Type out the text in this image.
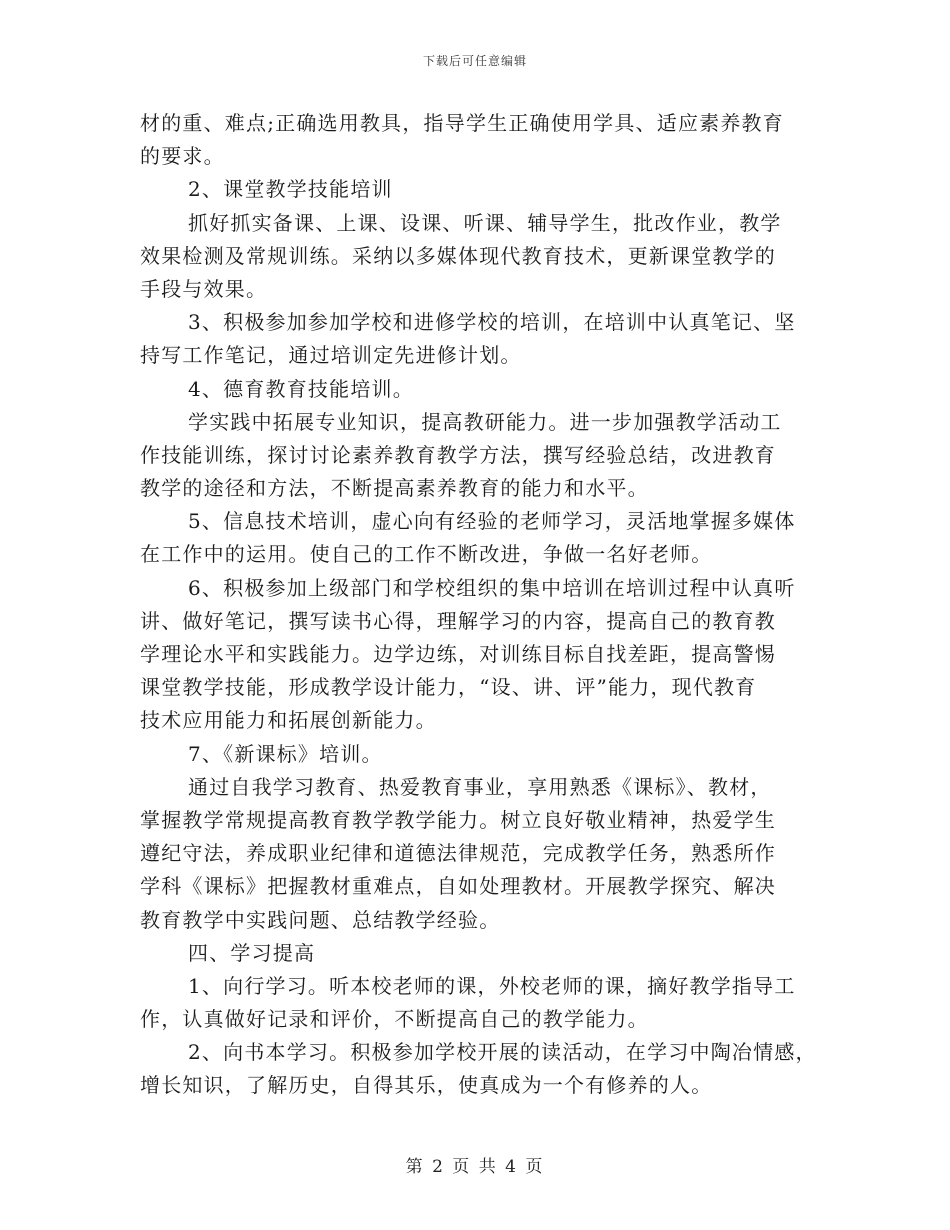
下载后可任意编辑
材的重、难点;正确选用教具，指导学生正确使用学具、适应素养教育
的要求。
2、课堂教学技能培训
抓好抓实备课、上课、设课、听课、辅导学生，批改作业，教学
效果检测及常规训练。采纳以多媒体现代教育技术，更新课堂教学的
手段与效果。
3、积极参加参加学校和进修学校的培训，在培训中认真笔记、坚
持写工作笔记，通过培训定先进修计划。
4、德育教育技能培训。
学实践中拓展专业知识，提高教研能力。进一步加强教学活动工
作技能训练，探讨讨论素养教育教学方法，撰写经验总结，改进教育
教学的途径和方法，不断提高素养教育的能力和水平。
5、信息技术培训，虚心向有经验的老师学习，灵活地掌握多媒体
在工作中的运用。使自己的工作不断改进，争做一名好老师。
6、积极参加上级部门和学校组织的集中培训在培训过程中认真听
讲、做好笔记，撰写读书心得，理解学习的内容，提高自己的教育教
学理论水平和实践能力。边学边练，对训练目标自找差距，提高警惕
课堂教学技能，形成教学设计能力，“设、讲、评”能力，现代教育
技术应用能力和拓展创新能力。
7、《新课标》培训。
通过自我学习教育、热爱教育事业，享用熟悉《课标》、教材，
掌握教学常规提高教育教学教学能力。树立良好敬业精神，热爱学生
遵纪守法，养成职业纪律和道德法律规范，完成教学任务，熟悉所作
学科《课标》把握教材重难点，自如处理教材。开展教学探究、解决
教育教学中实践问题、总结教学经验。
四、学习提高
1、向行学习。听本校老师的课，外校老师的课，摘好教学指导工
作，认真做好记录和评价，不断提高自己的教学能力。
2、向书本学习。积极参加学校开展的读活动，在学习中陶冶情感，
增长知识，了解历史，自得其乐，使真成为一个有修养的人。
第 2 页 共 4 页
